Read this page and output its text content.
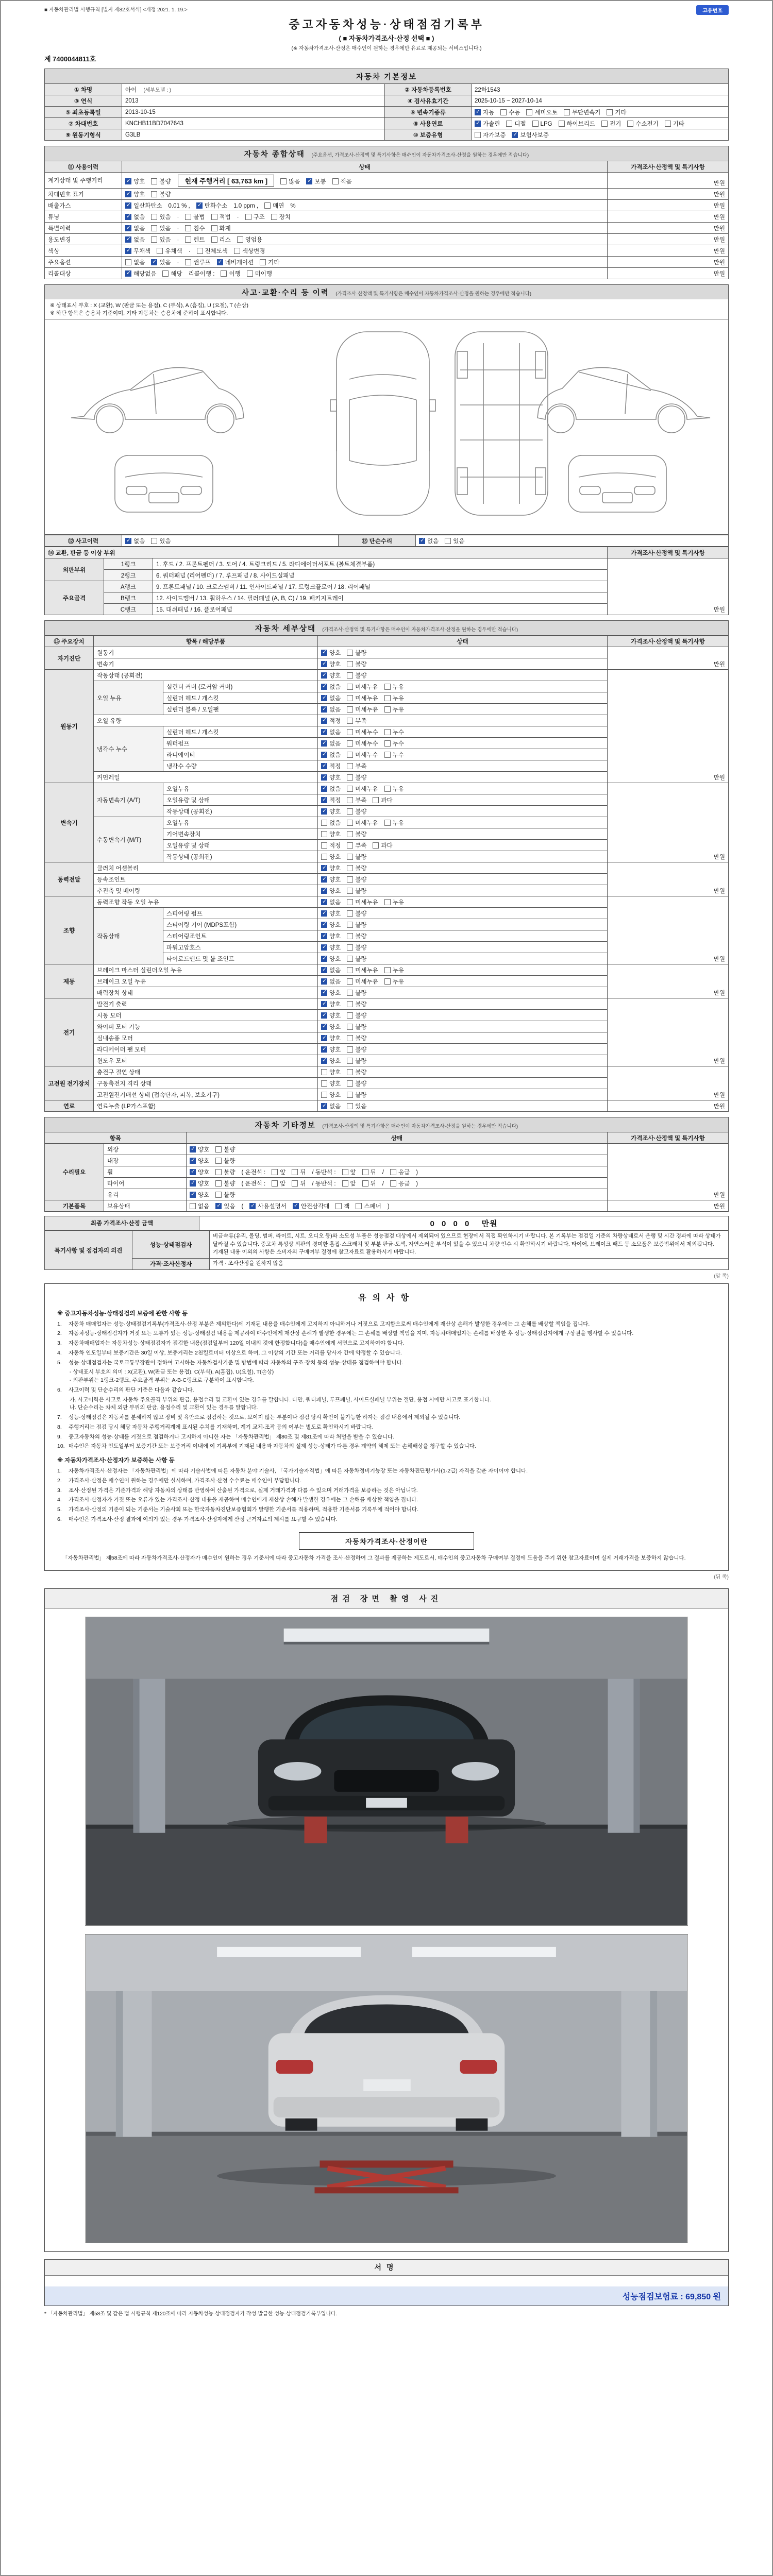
■ 자동차관리법 시행규칙 [별지 제82호서식] <개정 2021. 1. 19.>	고유번호
중고자동차성능·상태점검기록부
( ■ 자동차가격조사·산정 선택 ■ )
(※ 자동차가격조사·산정은 매수인이 원하는 경우에만 유료로 제공되는 서비스입니다.)
제 7400044811호
자동차 기본정보
① 차명	아이 (세부모델 : )	② 자동차등록번호	22하1543
③ 연식	2013	④ 검사유효기간	2025-10-15 ~ 2027-10-14
⑤ 최초등록일	2013-10-15	⑥ 변속기종류	✓자동 수동 세미오토 무단변속기 기타
⑦ 차대번호	KNCHB11BD7047643	⑧ 사용연료	✓가솔린 디젤 LPG 하이브리드 전기 수소전기 기타
⑨ 원동기형식	G3LB	⑩ 보증유형	자가보증 ✓ 보험사보증
자동차 종합상태 (주요옵션, 가격조사·산정액 및 특기사항은 매수인이 자동차가격조사·산정을 원하는 경우에만 적습니다)
⑪ 사용이력	상태	가격조사·산정액 및 특기사항
계기상태 및 주행거리	✓양호 불량 현재 주행거리 [ 63,763 km ] 많음 ✓ 보통 적음	만원
차대번호 표기	✓양호 불량	만원
배출가스	✓일산화탄소 0.01 % , ✓ 탄화수소 1.0 ppm , 매연 %	만원
튜닝	✓없음 있음 · 불법 적법 · 구조 장치	만원
특별이력	✓없음 있음 · 침수 화재	만원
용도변경	✓없음 있음 · 렌트 리스 영업용	만원
색상	✓무채색 유채색 · 전체도색 색상변경	만원
주요옵션	없음 ✓ 있음 · 썬루프 ✓ 네비게이션 기타	만원
리콜대상	✓해당없음 해당 리콜이행 : 이행 미이행	만원
사고·교환·수리 등 이력 (가격조사·산정액 및 특기사항은 매수인이 자동차가격조사·산정을 원하는 경우에만 적습니다)
※ 상태표시 부호 : X (교환), W (판금 또는 용접), C (부식), A (흠집), U (요철), T (손상)
※ 하단 항목은 승용차 기준이며, 기타 자동차는 승용차에 준하여 표시합니다.
⑫ 사고이력	✓없음 있음	⑬ 단순수리	✓없음 있음
⑭ 교환, 판금 등 이상 부위			가격조사·산정액 및 특기사항
외판부위	1랭크	1. 후드 / 2. 프론트펜더 / 3. 도어 / 4. 트렁크리드 / 5. 라디에이터서포트 (볼트체결부품)	만원
	2랭크	6. 쿼터패널 (리어펜더) / 7. 루프패널 / 8. 사이드실패널	
주요골격	A랭크	9. 프론트패널 / 10. 크로스멤버 / 11. 인사이드패널 / 17. 트렁크플로어 / 18. 리어패널	
	B랭크	12. 사이드멤버 / 13. 휠하우스 / 14. 필러패널 (A, B, C) / 19. 패키지트레이	
	C랭크	15. 대쉬패널 / 16. 플로어패널	
자동차 세부상태 (가격조사·산정액 및 특기사항은 매수인이 자동차가격조사·산정을 원하는 경우에만 적습니다)
⑮ 주요장치	항목 / 해당부품		상태	가격조사·산정액 및 특기사항
자기진단	원동기	✓양호 불량	만원
	변속기	✓양호 불량
원동기	작동상태 (공회전)	✓양호 불량	만원
	오일 누유	실린더 커버 (로커암 커버)	✓없음 미세누유 누유
		실린더 헤드 / 개스킷	✓없음 미세누유 누유
		실린더 블록 / 오일팬	✓없음 미세누유 누유
	오일 유량	✓적정 부족
	냉각수 누수	실린더 헤드 / 개스킷	✓없음 미세누수 누수
		워터펌프	✓없음 미세누수 누수
		라디에이터	✓없음 미세누수 누수
		냉각수 수량	✓적정 부족
	커먼레일	✓양호 불량
변속기	자동변속기 (A/T)	오일누유	✓없음 미세누유 누유	만원
		오일유량 및 상태	✓적정 부족 과다
		작동상태 (공회전)	✓양호 불량
	수동변속기 (M/T)	오일누유	없음 미세누유 누유	
		기어변속장치	양호 불량	
		오일유량 및 상태	적정 부족 과다	
		작동상태 (공회전)	양호 불량	
동력전달	클러치 어셈블리	✓양호 불량	만원
	등속조인트	✓양호 불량
	추진축 및 베어링	✓양호 불량
조향	동력조향 작동 오일 누유	✓없음 미세누유 누유	만원
	작동상태	스티어링 펌프	✓양호 불량
		스티어링 기어 (MDPS포함)	✓양호 불량
		스티어링조인트	✓양호 불량
		파워고압호스	✓양호 불량
		타이로드엔드 및 볼 조인트	✓양호 불량
제동	브레이크 마스터 실린더오일 누유	✓없음 미세누유 누유	만원
	브레이크 오일 누유	✓없음 미세누유 누유
	배력장치 상태	✓양호 불량
전기	발전기 출력	✓양호 불량	만원
	시동 모터	✓양호 불량
	와이퍼 모터 기능	✓양호 불량
	실내송풍 모터	✓양호 불량
	라디에이터 팬 모터	✓양호 불량
	윈도우 모터	✓양호 불량
고전원 전기장치	충전구 절연 상태		양호 불량	만원
	구동축전지 격리 상태		양호 불량	
	고전원전기배선 상태 (접속단자, 피복, 보호기구)		양호 불량	
연료	연료누출 (LP가스포함)	✓없음 있음	만원
자동차 기타정보 (가격조사·산정액 및 특기사항은 매수인이 자동차가격조사·산정을 원하는 경우에만 적습니다)
항목		상태	가격조사·산정액 및 특기사항
수리필요	외장	✓양호 불량	만원
	내장	✓양호 불량
	휠	✓양호 불량 ( 운전석 : 앞 뒤 / 동반석 : 앞 뒤 / 응급 )
	타이어	✓양호 불량 ( 운전석 : 앞 뒤 / 동반석 : 앞 뒤 / 응급 )
	유리	✓양호 불량
기본품목	보유상태	없음 ✓ 있음 ( ✓ 사용설명서 ✓ 안전삼각대 잭 스패너 )	만원
최종 가격조사·산정 금액	0 0 0 0 만원
특기사항 및 점검자의 의견	성능·상태점검자	비금속류(유리, 몰딩, 범퍼, 라이트, 시트, 오디오 등)와 소모성 부품은 성능점검 대상에서 제외되어 있으므로 현장에서 직접 확인하시기 바랍니다. 본 기록부는 점검일 기준의 차량상태로서 운행 및 시간 경과에 따라 상태가 달라질 수 있습니다. 중고차 특성상 외판의 경미한 흠집·스크래치 및 부분 판금·도색, 자연스러운 부식이 있을 수 있으니 차량 인수 시 확인하시기 바랍니다. 타이어, 브레이크 패드 등 소모품은 보증범위에서 제외됩니다. 기재된 내용 이외의 사항은 소비자의 구매여부 결정에 참고자료로 활용하시기 바랍니다.
	가격·조사산정자	가격 · 조사산정을 원하지 않음
(앞 쪽)
유의사항
※ 중고자동차성능·상태점검의 보증에 관한 사항 등
1.	자동차 매매업자는 성능·상태점검기록부(가격조사·산정 부분은 제외한다)에 기재된 내용을 매수인에게 고지하지 아니하거나 거짓으로 고지함으로써 매수인에게 재산상 손해가 발생한 경우에는 그 손해를 배상할 책임을 집니다.
2.	자동차성능·상태점검자가 거짓 또는 오류가 있는 성능·상태점검 내용을 제공하여 매수인에게 재산상 손해가 발생한 경우에는 그 손해를 배상할 책임을 지며, 자동차매매업자는 손해를 배상한 후 성능·상태점검자에게 구상권을 행사할 수 있습니다.
3.	자동차매매업자는 자동차성능·상태점검자가 점검한 내용(점검일부터 120일 이내의 것에 한정합니다)을 매수인에게 서면으로 고지하여야 합니다.
4.	자동차 인도일부터 보증기간은 30일 이상, 보증거리는 2천킬로미터 이상으로 하며, 그 이상의 기간 또는 거리를 당사자 간에 약정할 수 있습니다.
5.	성능·상태점검자는 국토교통부장관이 정하여 고시하는 자동차검사기준 및 방법에 따라 자동차의 구조·장치 등의 성능·상태를 점검하여야 합니다.
- 상태표시 부호의 의미 : X(교환), W(판금 또는 용접), C(부식), A(흠집), U(요철), T(손상)
- 외판부위는 1랭크·2랭크, 주요골격 부위는 A·B·C랭크로 구분하여 표시합니다.
6.	사고이력 및 단순수리의 판단 기준은 다음과 같습니다.
가. 사고이력은 사고로 자동차 주요골격 부위의 판금, 용접수리 및 교환이 있는 경우를 말합니다. 다만, 쿼터패널, 루프패널, 사이드실패널 부위는 절단, 용접 시에만 사고로 표기합니다.
나. 단순수리는 차체 외판 부위의 판금, 용접수리 및 교환이 있는 경우를 말합니다.
7.	성능·상태점검은 자동차를 분해하지 않고 장비 및 육안으로 점검하는 것으로, 보이지 않는 부분이나 점검 당시 확인이 불가능한 하자는 점검 내용에서 제외될 수 있습니다.
8.	주행거리는 점검 당시 해당 자동차 주행거리계에 표시된 수치를 기재하며, 계기 교체·조작 등의 여부는 별도로 확인하시기 바랍니다.
9.	중고자동차의 성능·상태를 거짓으로 점검하거나 고지하지 아니한 자는 「자동차관리법」 제80조 및 제81조에 따라 처벌을 받을 수 있습니다.
10. 매수인은 자동차 인도일부터 보증기간 또는 보증거리 이내에 이 기록부에 기재된 내용과 자동차의 실제 성능·상태가 다른 경우 계약의 해제 또는 손해배상을 청구할 수 있습니다.
※ 자동차가격조사·산정자가 보증하는 사항 등
1.	자동차가격조사·산정자는 「자동차관리법」에 따라 기술사법에 따른 자동차 분야 기술사, 「국가기술자격법」에 따른 자동차정비기능장 또는 자동차진단평가사(1·2급) 자격을 갖춘 자이어야 합니다.
2.	가격조사·산정은 매수인이 원하는 경우에만 실시하며, 가격조사·산정 수수료는 매수인이 부담합니다.
3.	조사·산정된 가격은 기준가격과 해당 자동차의 상태를 반영하여 산출된 가격으로, 실제 거래가격과 다를 수 있으며 거래가격을 보증하는 것은 아닙니다.
4.	가격조사·산정자가 거짓 또는 오류가 있는 가격조사·산정 내용을 제공하여 매수인에게 재산상 손해가 발생한 경우에는 그 손해를 배상할 책임을 집니다.
5.	가격조사·산정의 기준이 되는 기준서는 기술사회 또는 한국자동차진단보증협회가 발행한 기준서를 적용하며, 적용한 기준서를 기록부에 적어야 합니다.
6.	매수인은 가격조사·산정 결과에 이의가 있는 경우 가격조사·산정자에게 산정 근거자료의 제시를 요구할 수 있습니다.
자동차가격조사·산정이란
「자동차관리법」 제58조에 따라 자동차가격조사·산정자가 매수인이 원하는 경우 기준서에 따라 중고자동차 가격을 조사·산정하여 그 결과를 제공하는 제도로서, 매수인의 중고자동차 구매여부 결정에 도움을 주기 위한 참고자료이며 실제 거래가격을 보증하지 않습니다.
(뒤 쪽)
점검 장면 촬영 사진
서명
성능점검보험료 : 69,850 원
* 「자동차관리법」 제58조 및 같은 법 시행규칙 제120조에 따라 자동차성능·상태점검자가 작성·발급한 성능·상태점검기록부입니다.
